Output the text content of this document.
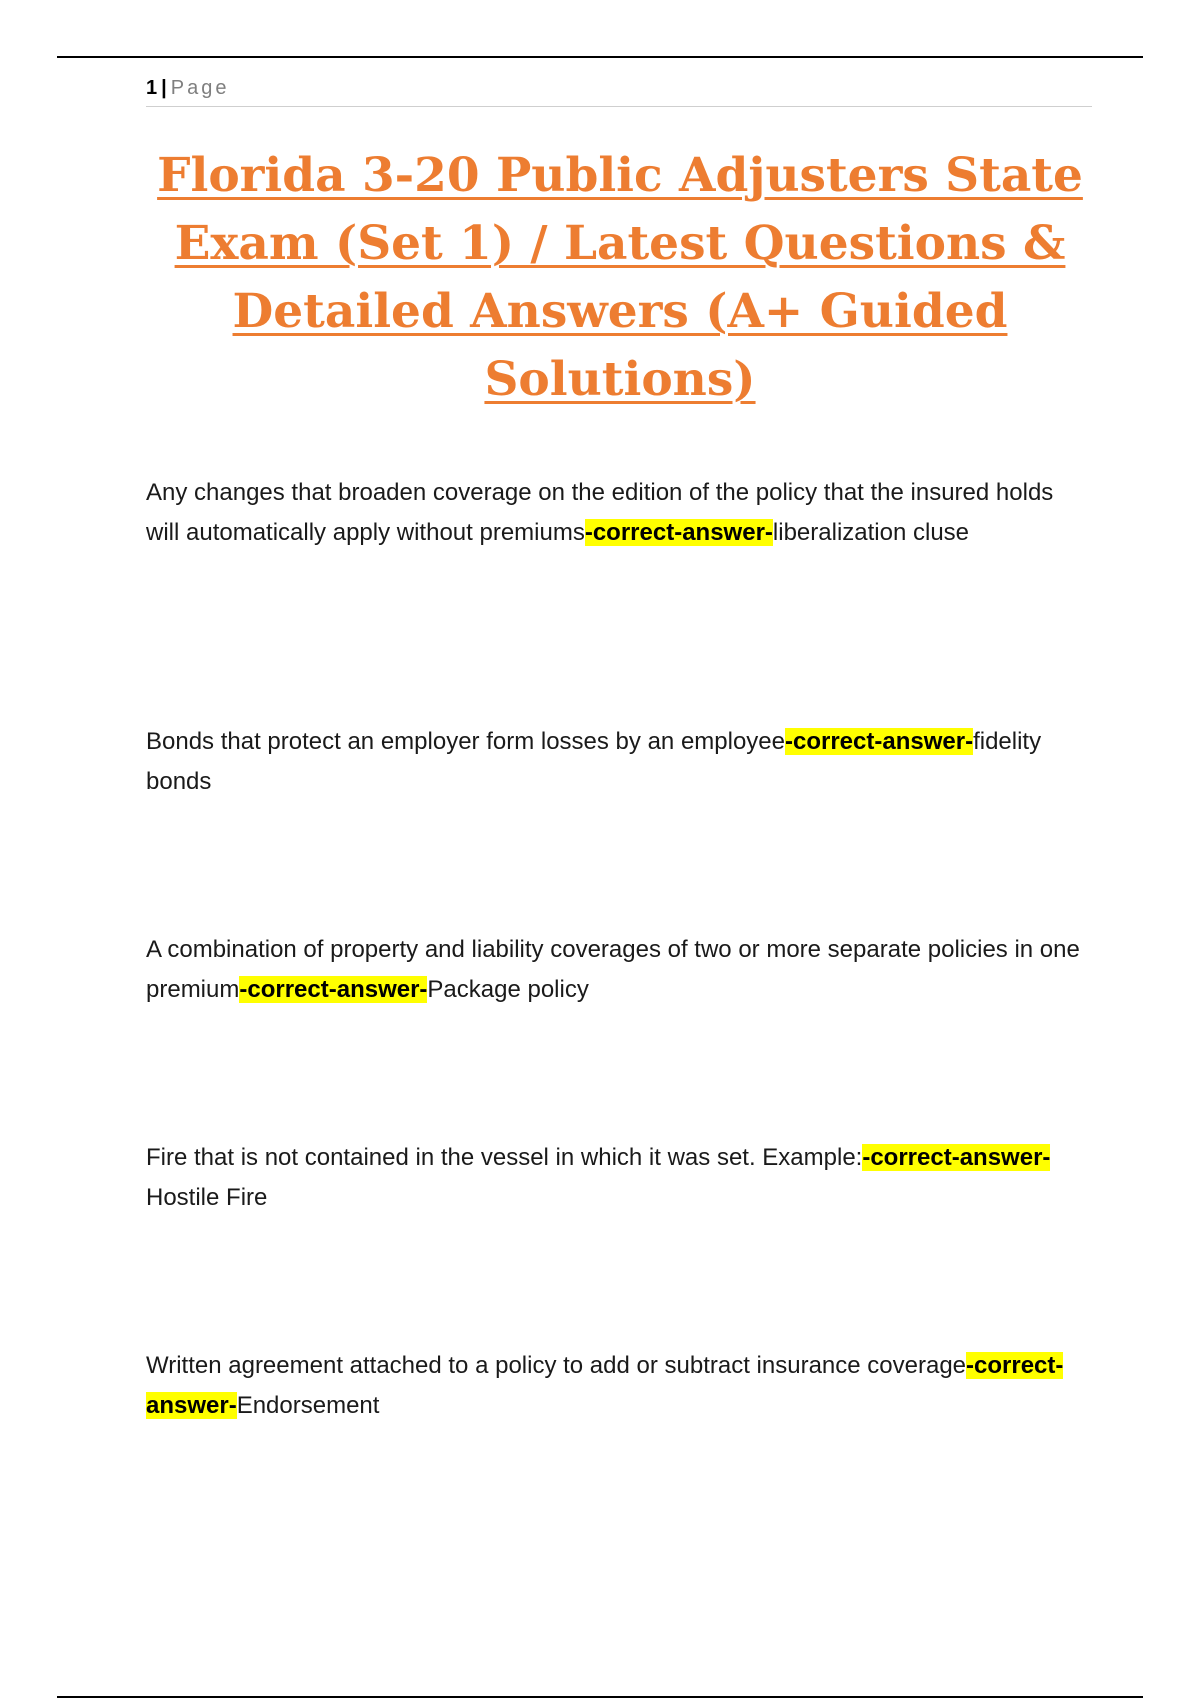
1 | Page
Florida 3-20 Public Adjusters State Exam (Set 1) / Latest Questions & Detailed Answers (A+ Guided Solutions)

Any changes that broaden coverage on the edition of the policy that the insured holds will automatically apply without premiums-correct-answer-liberalization cluse

Bonds that protect an employer form losses by an employee-correct-answer-fidelity bonds

A combination of property and liability coverages of two or more separate policies in one premium-correct-answer-Package policy

Fire that is not contained in the vessel in which it was set. Example:-correct-answer-Hostile Fire

Written agreement attached to a policy to add or subtract insurance coverage-correct-answer-Endorsement
